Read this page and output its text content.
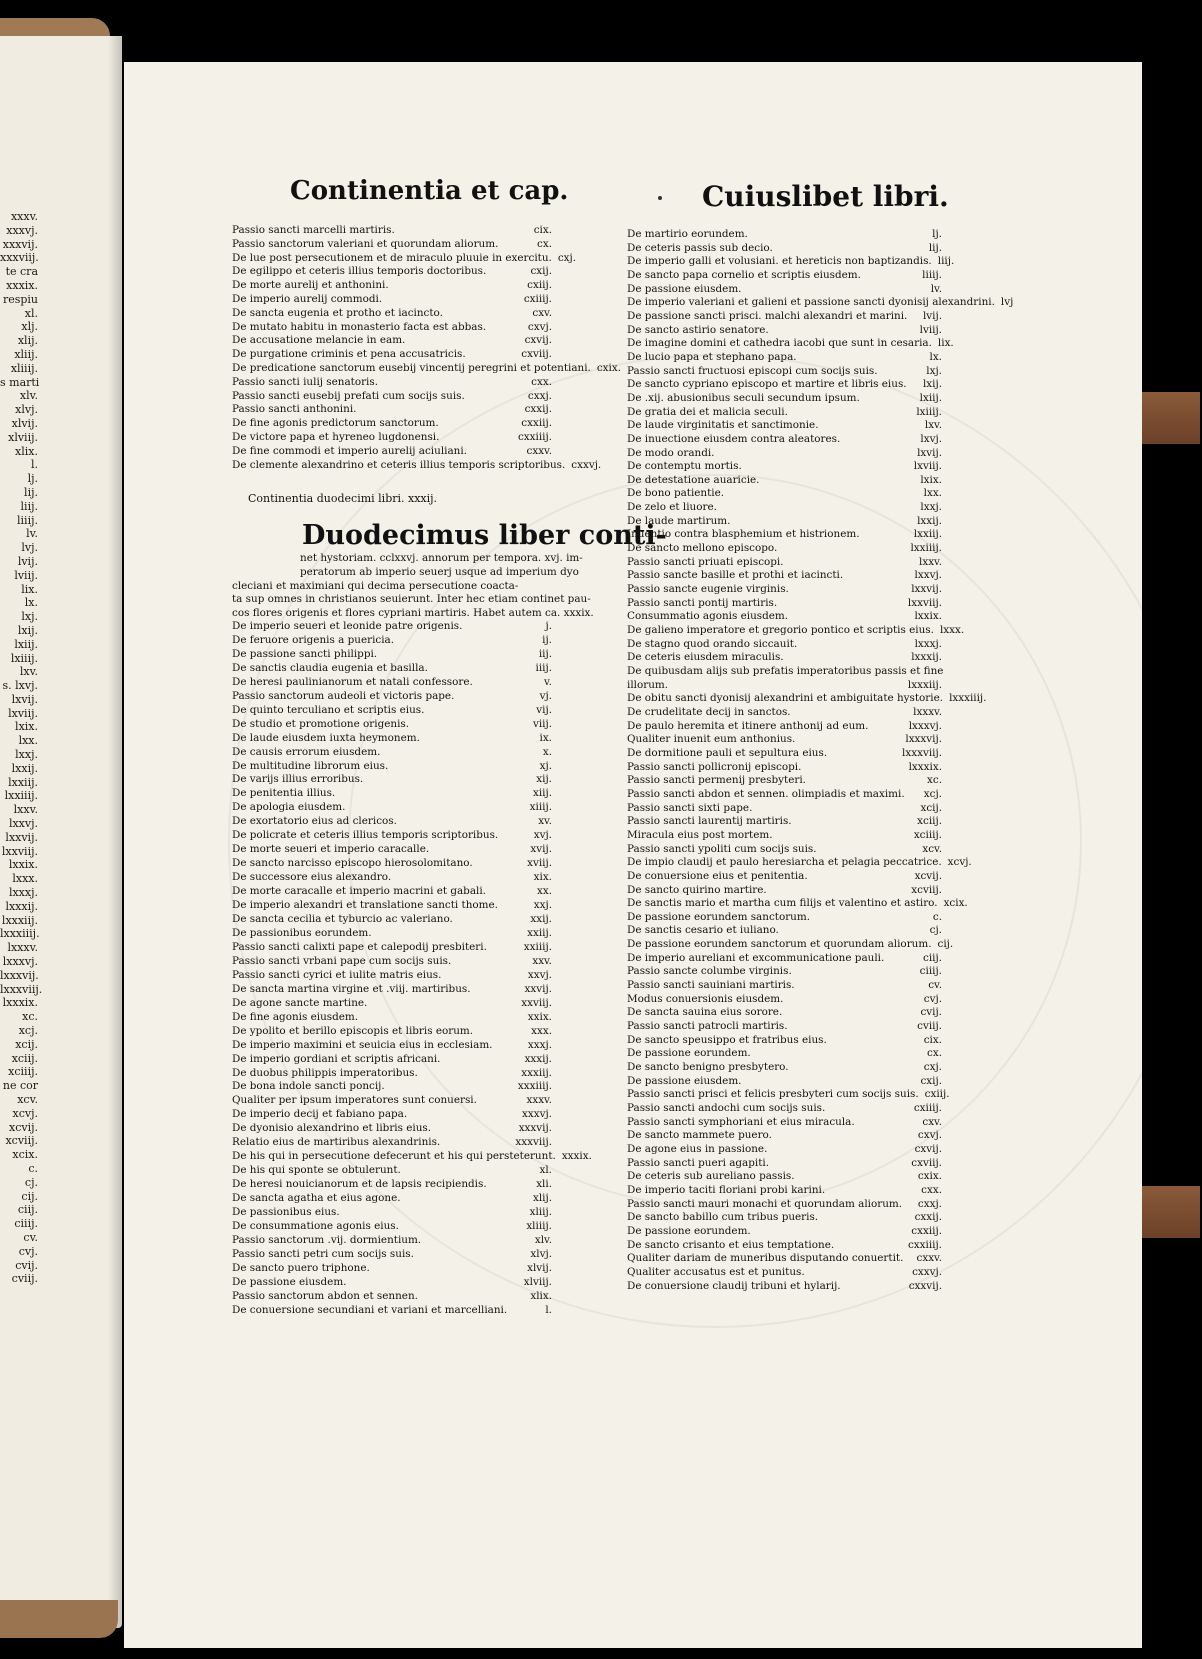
xxxv.
xxxvj.
xxxvij.
xxxviij.
te cra
xxxix.
respiu
xl.
xlj.
xlij.
xliij.
xliiij.
s marti
xlv.
xlvj.
xlvij.
xlviij.
xlix.
l.
lj.
lij.
liij.
liiij.
lv.
lvj.
lvij.
lviij.
lix.
lx.
lxj.
lxij.
lxiij.
lxiiij.
lxv.
s. lxvj.
lxvij.
lxviij.
lxix.
lxx.
lxxj.
lxxij.
lxxiij.
lxxiiij.
lxxv.
lxxvj.
lxxvij.
lxxviij.
lxxix.
lxxx.
lxxxj.
lxxxij.
lxxxiij.
lxxxiiij.
lxxxv.
lxxxvj.
lxxxvij.
lxxxviij.
lxxxix.
xc.
xcj.
xcij.
xciij.
xciiij.
ne cor
xcv.
xcvj.
xcvij.
xcviij.
xcix.
c.
cj.
cij.
ciij.
ciiij.
cv.
cvj.
cvij.
cviij.
Continentia et cap.	Cuiuslibet libri.
Passio sancti marcelli martiris.	cix.
Passio sanctorum valeriani et quorundam aliorum.	cx.
De lue post persecutionem et de miraculo pluuie in exercitu. cxj.
De egilippo et ceteris illius temporis doctoribus.	cxij.
De morte aurelij et anthonini.	cxiij.
De imperio aurelij commodi.	cxiiij.
De sancta eugenia et protho et iacincto.	cxv.
De mutato habitu in monasterio facta est abbas.	cxvj.
De accusatione melancie in eam.	cxvij.
De purgatione criminis et pena accusatricis.	cxviij.
De predicatione sanctorum eusebij vincentij peregrini et potentiani. cxix.
Passio sancti iulij senatoris.	cxx.
Passio sancti eusebij prefati cum socijs suis.	cxxj.
Passio sancti anthonini.	cxxij.
De fine agonis predictorum sanctorum.	cxxiij.
De victore papa et hyreneo lugdonensi.	cxxiiij.
De fine commodi et imperio aurelij aciuliani.	cxxv.
De clemente alexandrino et ceteris illius temporis scriptoribus. cxxvj.
Continentia duodecimi libri. xxxij.
Duodecimus liber conti-
net hystoriam. cclxxvj. annorum per tempora. xvj. im-
peratorum ab imperio seuerj usque ad imperium dyo
cleciani et maximiani qui decima persecutione coacta-
ta sup omnes in christianos seuierunt. Inter hec etiam continet pau-
cos flores origenis et flores cypriani martiris. Habet autem ca. xxxix.
De imperio seueri et leonide patre origenis.	j.
De feruore origenis a puericia.	ij.
De passione sancti philippi.	iij.
De sanctis claudia eugenia et basilla.	iiij.
De heresi paulinianorum et natali confessore.	v.
Passio sanctorum audeoli et victoris pape.	vj.
De quinto terculiano et scriptis eius.	vij.
De studio et promotione origenis.	viij.
De laude eiusdem iuxta heymonem.	ix.
De causis errorum eiusdem.	x.
De multitudine librorum eius.	xj.
De varijs illius erroribus.	xij.
De penitentia illius.	xiij.
De apologia eiusdem.	xiiij.
De exortatorio eius ad clericos.	xv.
De policrate et ceteris illius temporis scriptoribus.	xvj.
De morte seueri et imperio caracalle.	xvij.
De sancto narcisso episcopo hierosolomitano.	xviij.
De successore eius alexandro.	xix.
De morte caracalle et imperio macrini et gabali.	xx.
De imperio alexandri et translatione sancti thome.	xxj.
De sancta cecilia et tyburcio ac valeriano.	xxij.
De passionibus eorundem.	xxiij.
Passio sancti calixti pape et calepodij presbiteri.	xxiiij.
Passio sancti vrbani pape cum socijs suis.	xxv.
Passio sancti cyrici et iulite matris eius.	xxvj.
De sancta martina virgine et .viij. martiribus.	xxvij.
De agone sancte martine.	xxviij.
De fine agonis eiusdem.	xxix.
De ypolito et berillo episcopis et libris eorum.	xxx.
De imperio maximini et seuicia eius in ecclesiam.	xxxj.
De imperio gordiani et scriptis africani.	xxxij.
De duobus philippis imperatoribus.	xxxiij.
De bona indole sancti poncij.	xxxiiij.
Qualiter per ipsum imperatores sunt conuersi.	xxxv.
De imperio decij et fabiano papa.	xxxvj.
De dyonisio alexandrino et libris eius.	xxxvij.
Relatio eius de martiribus alexandrinis.	xxxviij.
De his qui in persecutione defecerunt et his qui persteterunt. xxxix.
De his qui sponte se obtulerunt.	xl.
De heresi nouicianorum et de lapsis recipiendis.	xli.
De sancta agatha et eius agone.	xlij.
De passionibus eius.	xliij.
De consummatione agonis eius.	xliiij.
Passio sanctorum .vij. dormientium.	xlv.
Passio sancti petri cum socijs suis.	xlvj.
De sancto puero triphone.	xlvij.
De passione eiusdem.	xlviij.
Passio sanctorum abdon et sennen.	xlix.
De conuersione secundiani et variani et marcelliani.	l.
De martirio eorundem.	lj.
De ceteris passis sub decio.	lij.
De imperio galli et volusiani. et hereticis non baptizandis. liij.
De sancto papa cornelio et scriptis eiusdem.	liiij.
De passione eiusdem.	lv.
De imperio valeriani et galieni et passione sancti dyonisij alexandrini. lvj
De passione sancti prisci. malchi alexandri et marini.	lvij.
De sancto astirio senatore.	lviij.
De imagine domini et cathedra iacobi que sunt in cesaria. lix.
De lucio papa et stephano papa.	lx.
Passio sancti fructuosi episcopi cum socijs suis.	lxj.
De sancto cypriano episcopo et martire et libris eius.	lxij.
De .xij. abusionibus seculi secundum ipsum.	lxiij.
De gratia dei et malicia seculi.	lxiiij.
De laude virginitatis et sanctimonie.	lxv.
De inuectione eiusdem contra aleatores.	lxvj.
De modo orandi.	lxvij.
De contemptu mortis.	lxviij.
De detestatione auaricie.	lxix.
De bono patientie.	lxx.
De zelo et liuore.	lxxj.
De laude martirum.	lxxij.
Inuentio contra blasphemium et histrionem.	lxxiij.
De sancto mellono episcopo.	lxxiiij.
Passio sancti priuati episcopi.	lxxv.
Passio sancte basille et prothi et iacincti.	lxxvj.
Passio sancte eugenie virginis.	lxxvij.
Passio sancti pontij martiris.	lxxviij.
Consummatio agonis eiusdem.	lxxix.
De galieno imperatore et gregorio pontico et scriptis eius. lxxx.
De stagno quod orando siccauit.	lxxxj.
De ceteris eiusdem miraculis.	lxxxij.
De quibusdam alijs sub prefatis imperatoribus passis et fine
illorum.	lxxxiij.
De obitu sancti dyonisij alexandrini et ambiguitate hystorie. lxxxiiij.
De crudelitate decij in sanctos.	lxxxv.
De paulo heremita et itinere anthonij ad eum.	lxxxvj.
Qualiter inuenit eum anthonius.	lxxxvij.
De dormitione pauli et sepultura eius.	lxxxviij.
Passio sancti pollicronij episcopi.	lxxxix.
Passio sancti permenij presbyteri.	xc.
Passio sancti abdon et sennen. olimpiadis et maximi.	xcj.
Passio sancti sixti pape.	xcij.
Passio sancti laurentij martiris.	xciij.
Miracula eius post mortem.	xciiij.
Passio sancti ypoliti cum socijs suis.	xcv.
De impio claudij et paulo heresiarcha et pelagia peccatrice. xcvj.
De conuersione eius et penitentia.	xcvij.
De sancto quirino martire.	xcviij.
De sanctis mario et martha cum filijs et valentino et astiro. xcix.
De passione eorundem sanctorum.	c.
De sanctis cesario et iuliano.	cj.
De passione eorundem sanctorum et quorundam aliorum. cij.
De imperio aureliani et excommunicatione pauli.	ciij.
Passio sancte columbe virginis.	ciiij.
Passio sancti sauiniani martiris.	cv.
Modus conuersionis eiusdem.	cvj.
De sancta sauina eius sorore.	cvij.
Passio sancti patrocli martiris.	cviij.
De sancto speusippo et fratribus eius.	cix.
De passione eorundem.	cx.
De sancto benigno presbytero.	cxj.
De passione eiusdem.	cxij.
Passio sancti prisci et felicis presbyteri cum socijs suis. cxiij.
Passio sancti andochi cum socijs suis.	cxiiij.
Passio sancti symphoriani et eius miracula.	cxv.
De sancto mammete puero.	cxvj.
De agone eius in passione.	cxvij.
Passio sancti pueri agapiti.	cxviij.
De ceteris sub aureliano passis.	cxix.
De imperio taciti floriani probi karini.	cxx.
Passio sancti mauri monachi et quorundam aliorum.	cxxj.
De sancto babillo cum tribus pueris.	cxxij.
De passione eorundem.	cxxiij.
De sancto crisanto et eius temptatione.	cxxiiij.
Qualiter dariam de muneribus disputando conuertit.	cxxv.
Qualiter accusatus est et punitus.	cxxvj.
De conuersione claudij tribuni et hylarij.	cxxvij.
